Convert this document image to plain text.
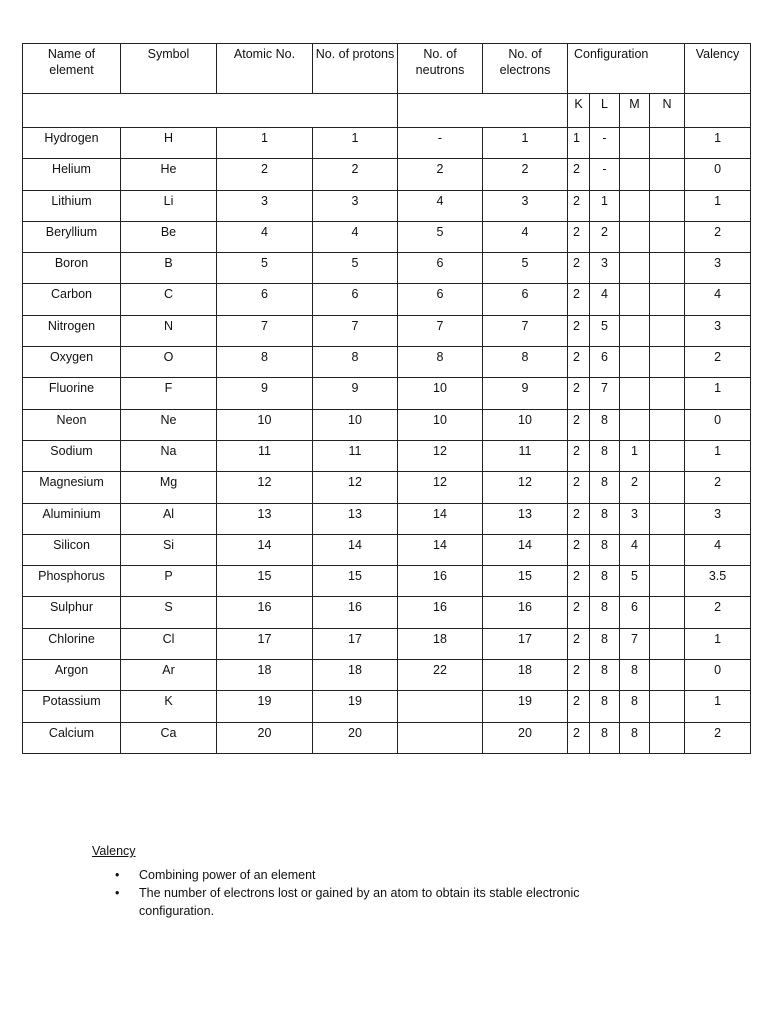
Name of element	Symbol	Atomic No.	No. of protons	No. of neutrons	No. of electrons	Configuration				Valency
						K	L	M	N	
Hydrogen	H	1	1	-	1	1	-			1
Helium	He	2	2	2	2	2	-			0
Lithium	Li	3	3	4	3	2	1			1
Beryllium	Be	4	4	5	4	2	2			2
Boron	B	5	5	6	5	2	3			3
Carbon	C	6	6	6	6	2	4			4
Nitrogen	N	7	7	7	7	2	5			3
Oxygen	O	8	8	8	8	2	6			2
Fluorine	F	9	9	10	9	2	7			1
Neon	Ne	10	10	10	10	2	8			0
Sodium	Na	11	11	12	11	2	8	1		1
Magnesium	Mg	12	12	12	12	2	8	2		2
Aluminium	Al	13	13	14	13	2	8	3		3
Silicon	Si	14	14	14	14	2	8	4		4
Phosphorus	P	15	15	16	15	2	8	5		3.5
Sulphur	S	16	16	16	16	2	8	6		2
Chlorine	Cl	17	17	18	17	2	8	7		1
Argon	Ar	18	18	22	18	2	8	8		0
Potassium	K	19	19		19	2	8	8		1
Calcium	Ca	20	20		20	2	8	8		2
Valency
• Combining power of an element
• The number of electrons lost or gained by an atom to obtain its stable electronic configuration.
